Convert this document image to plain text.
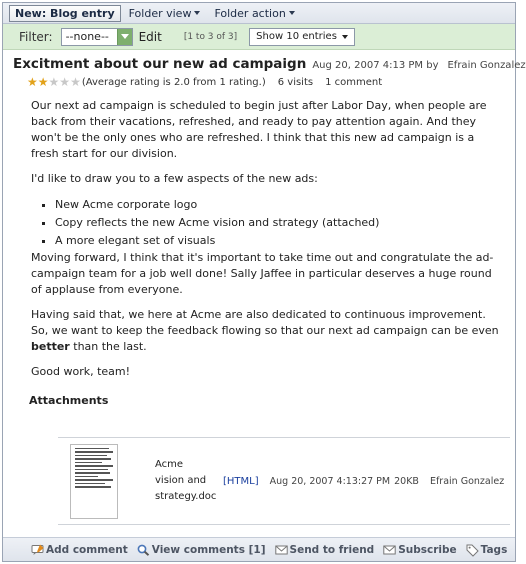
New: Blog entry	Folder view Folder action
Filter: --none-- Edit [1 to 3 of 3] Show 10 entries
Excitment about our new ad campaign Aug 20, 2007 4:13 PM by Efrain Gonzalez
★ ★ ★ ★ ★ (Average rating is 2.0 from 1 rating.) 6 visits 1 comment

Our next ad campaign is scheduled to begin just after Labor Day, when people are back from their vacations, refreshed, and ready to pay attention again. And they won't be the only ones who are refreshed. I think that this new ad campaign is a fresh start for our division.

I'd like to draw you to a few aspects of the new ads:

▪ New Acme corporate logo
▪ Copy reflects the new Acme vision and strategy (attached)
▪ A more elegant set of visuals

Moving forward, I think that it's important to take time out and congratulate the ad-campaign team for a job well done! Sally Jaffee in particular deserves a huge round of applause from everyone.

Having said that, we here at Acme are also dedicated to continuous improvement. So, we want to keep the feedback flowing so that our next ad campaign can be even better than the last.

Good work, team!

Attachments
Acme
vision and
strategy.doc
[HTML] Aug 20, 2007 4:13:27 PM 20KB Efrain Gonzalez
Add comment View comments [1] Send to friend Subscribe Tags
